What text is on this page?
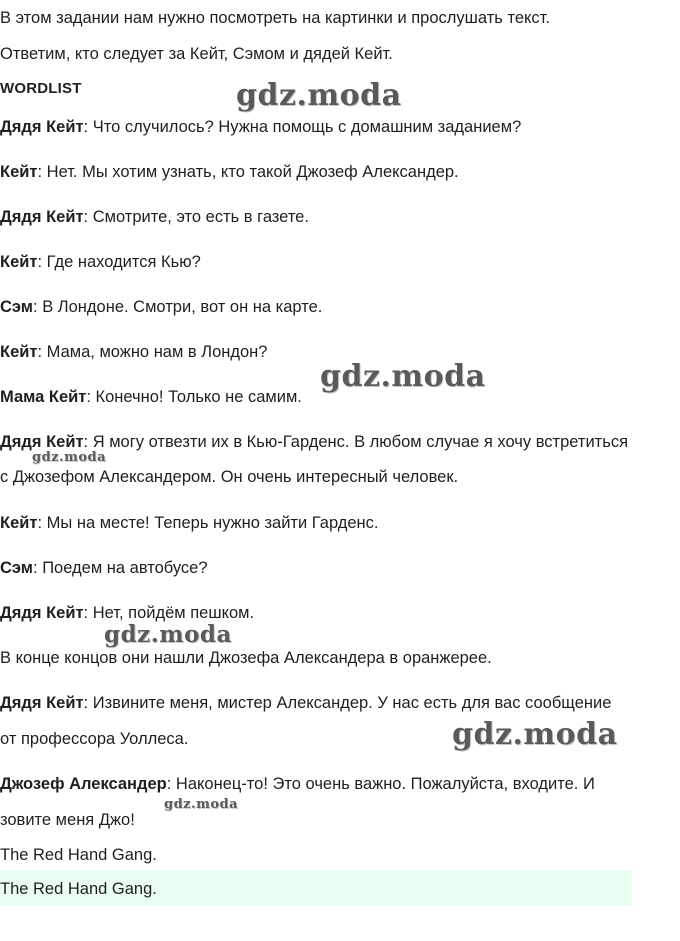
В этом задании нам нужно посмотреть на картинки и прослушать текст.
Ответим, кто следует за Кейт, Сэмом и дядей Кейт.
WORDLIST
Дядя Кейт: Что случилось? Нужна помощь с домашним заданием?
Кейт: Нет. Мы хотим узнать, кто такой Джозеф Александер.
Дядя Кейт: Смотрите, это есть в газете.
Кейт: Где находится Кью?
Сэм: В Лондоне. Смотри, вот он на карте.
Кейт: Мама, можно нам в Лондон?
Мама Кейт: Конечно! Только не самим.
Дядя Кейт: Я могу отвезти их в Кью-Гарденс. В любом случае я хочу встретиться
с Джозефом Александером. Он очень интересный человек.
Кейт: Мы на месте! Теперь нужно зайти Гарденс.
Сэм: Поедем на автобусе?
Дядя Кейт: Нет, пойдём пешком.
В конце концов они нашли Джозефа Александера в оранжерее.
Дядя Кейт: Извините меня, мистер Александер. У нас есть для вас сообщение
от профессора Уоллеса.
Джозеф Александер: Наконец-то! Это очень важно. Пожалуйста, входите. И
зовите меня Джо!
The Red Hand Gang.
The Red Hand Gang.
gdz.moda
gdz.moda
gdz.moda
gdz.moda
gdz.moda
gdz.moda
